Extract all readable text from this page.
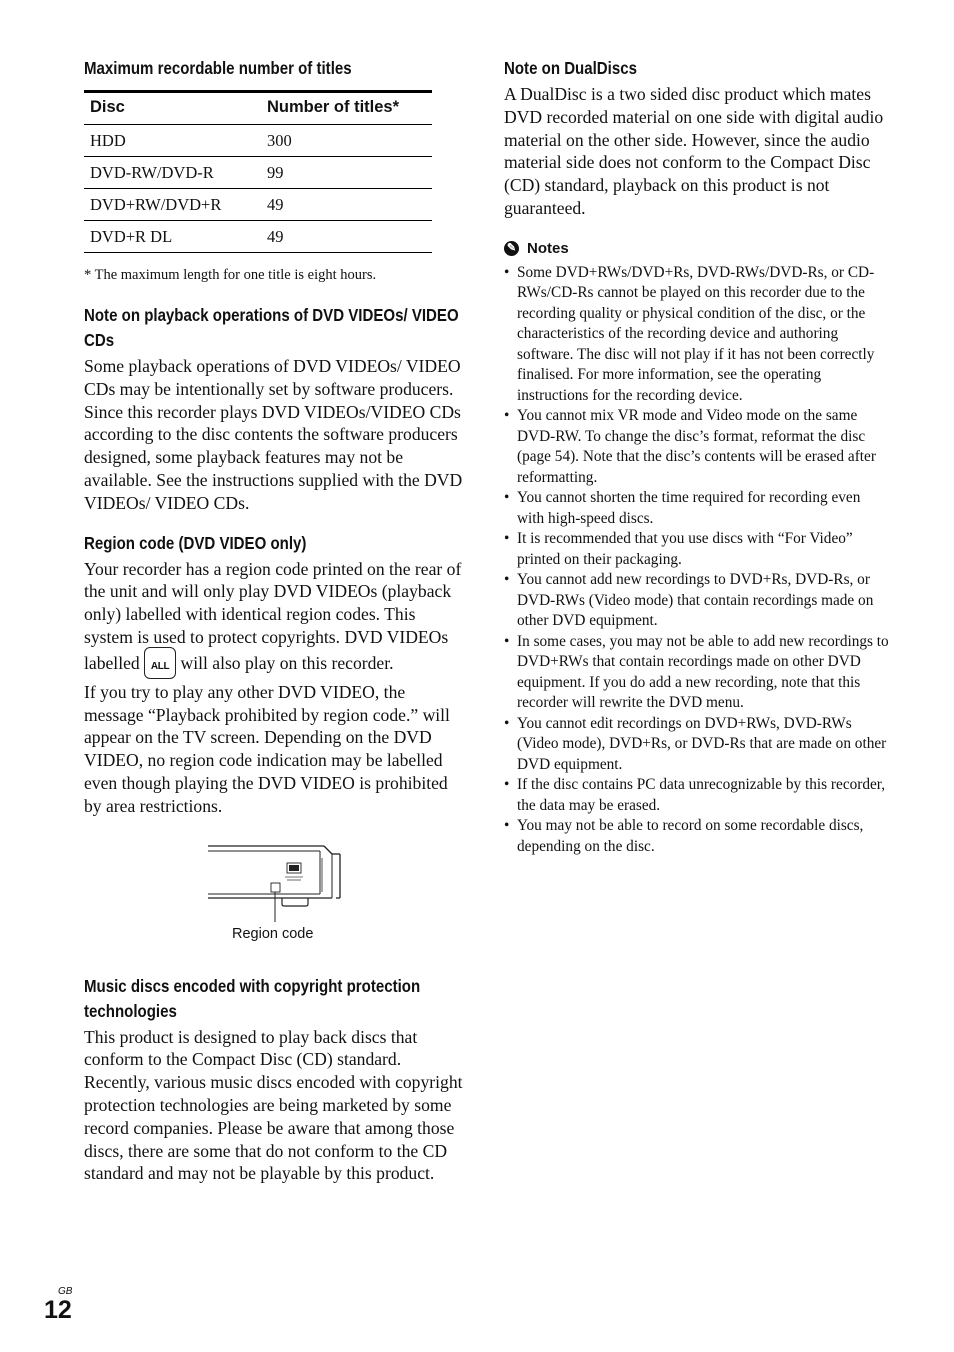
Maximum recordable number of titles
Disc	Number of titles*
HDD	300
DVD-RW/DVD-R	99
DVD+RW/DVD+R	49
DVD+R DL	49

* The maximum length for one title is eight hours.

Note on playback operations of DVD VIDEOs/ VIDEO CDs

Some playback operations of DVD VIDEOs/ VIDEO CDs may be intentionally set by software producers. Since this recorder plays DVD VIDEOs/VIDEO CDs according to the disc contents the software producers designed, some playback features may not be available. See the instructions supplied with the DVD VIDEOs/ VIDEO CDs.

Region code (DVD VIDEO only)

Your recorder has a region code printed on the rear of the unit and will only play DVD VIDEOs (playback only) labelled with identical region codes. This system is used to protect copyrights. DVD VIDEOs labelled ALL will also play on this recorder.

If you try to play any other DVD VIDEO, the message “Playback prohibited by region code.” will appear on the TV screen. Depending on the DVD VIDEO, no region code indication may be labelled even though playing the DVD VIDEO is prohibited by area restrictions.

Region code
Music discs encoded with copyright protection technologies

This product is designed to play back discs that conform to the Compact Disc (CD) standard. Recently, various music discs encoded with copyright protection technologies are being marketed by some record companies. Please be aware that among those discs, there are some that do not conform to the CD standard and may not be playable by this product.

Note on DualDiscs

A DualDisc is a two sided disc product which mates DVD recorded material on one side with digital audio material on the other side. However, since the audio material side does not conform to the Compact Disc (CD) standard, playback on this product is not guaranteed.

✎ Notes
• Some DVD+RWs/DVD+Rs, DVD-RWs/DVD-Rs, or CD-RWs/CD-Rs cannot be played on this recorder due to the recording quality or physical condition of the disc, or the characteristics of the recording device and authoring software. The disc will not play if it has not been correctly finalised. For more information, see the operating instructions for the recording device.
• You cannot mix VR mode and Video mode on the same DVD-RW. To change the disc’s format, reformat the disc (page 54). Note that the disc’s contents will be erased after reformatting.
• You cannot shorten the time required for recording even with high-speed discs.
• It is recommended that you use discs with “For Video” printed on their packaging.
• You cannot add new recordings to DVD+Rs, DVD-Rs, or DVD-RWs (Video mode) that contain recordings made on other DVD equipment.
• In some cases, you may not be able to add new recordings to DVD+RWs that contain recordings made on other DVD equipment. If you do add a new recording, note that this recorder will rewrite the DVD menu.
• You cannot edit recordings on DVD+RWs, DVD-RWs (Video mode), DVD+Rs, or DVD-Rs that are made on other DVD equipment.
• If the disc contains PC data unrecognizable by this recorder, the data may be erased.
• You may not be able to record on some recordable discs, depending on the disc.
GB
12
